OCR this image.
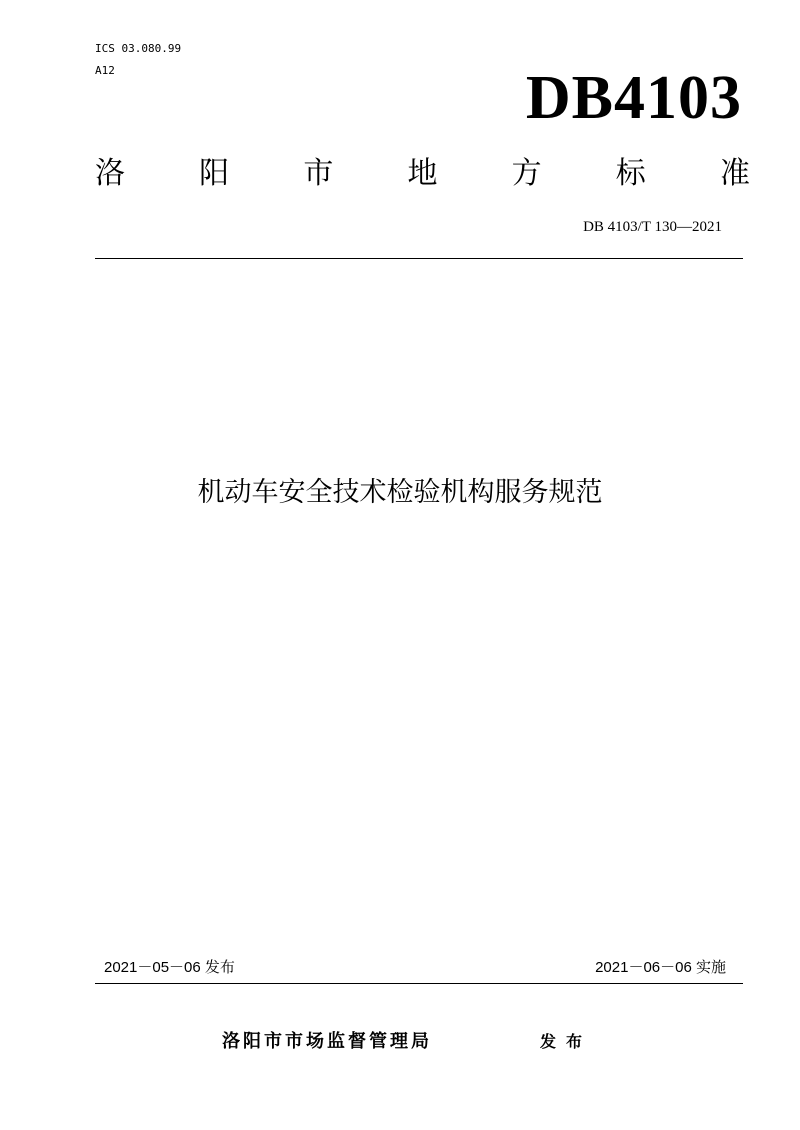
ICS 03.080.99
A12	DB4103
洛 阳 市 地 方 标 准
DB 4103/T 130—2021
机动车安全技术检验机构服务规范
2021－05－06 发布	2021－06－06 实施
洛阳市市场监督管理局	发布
